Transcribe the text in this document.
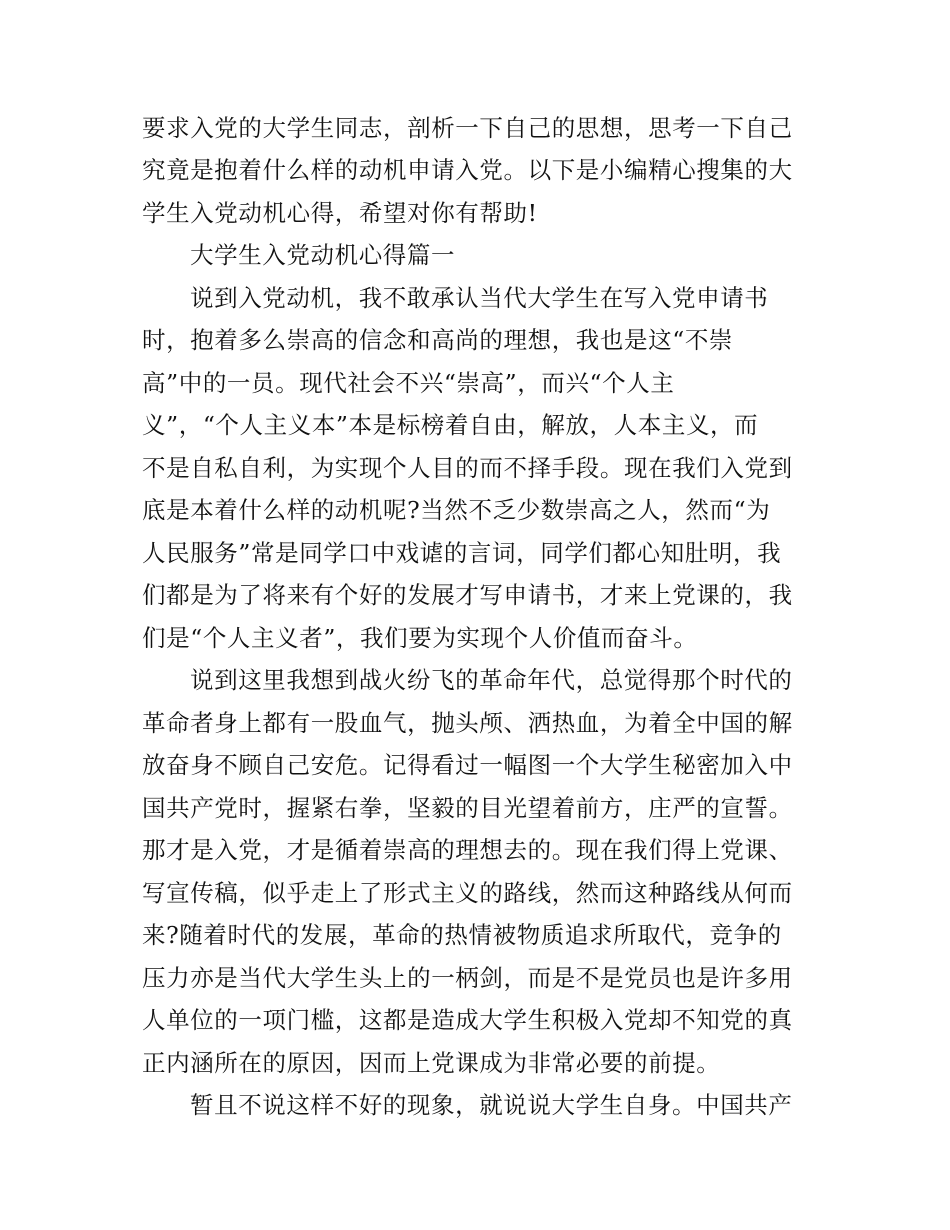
要求入党的大学生同志，剖析一下自己的思想，思考一下自己
究竟是抱着什么样的动机申请入党。以下是小编精心搜集的大
学生入党动机心得，希望对你有帮助!
大学生入党动机心得篇一
说到入党动机，我不敢承认当代大学生在写入党申请书
时，抱着多么崇高的信念和高尚的理想，我也是这“不崇
高”中的一员。现代社会不兴“崇高”，而兴“个人主
义”，“个人主义本”本是标榜着自由，解放，人本主义，而
不是自私自利，为实现个人目的而不择手段。现在我们入党到
底是本着什么样的动机呢?当然不乏少数崇高之人，然而“为
人民服务”常是同学口中戏谑的言词，同学们都心知肚明，我
们都是为了将来有个好的发展才写申请书，才来上党课的，我
们是“个人主义者”，我们要为实现个人价值而奋斗。
说到这里我想到战火纷飞的革命年代，总觉得那个时代的
革命者身上都有一股血气，抛头颅、洒热血，为着全中国的解
放奋身不顾自己安危。记得看过一幅图一个大学生秘密加入中
国共产党时，握紧右拳，坚毅的目光望着前方，庄严的宣誓。
那才是入党，才是循着崇高的理想去的。现在我们得上党课、
写宣传稿，似乎走上了形式主义的路线，然而这种路线从何而
来?随着时代的发展，革命的热情被物质追求所取代，竞争的
压力亦是当代大学生头上的一柄剑，而是不是党员也是许多用
人单位的一项门槛，这都是造成大学生积极入党却不知党的真
正内涵所在的原因，因而上党课成为非常必要的前提。
暂且不说这样不好的现象，就说说大学生自身。中国共产
